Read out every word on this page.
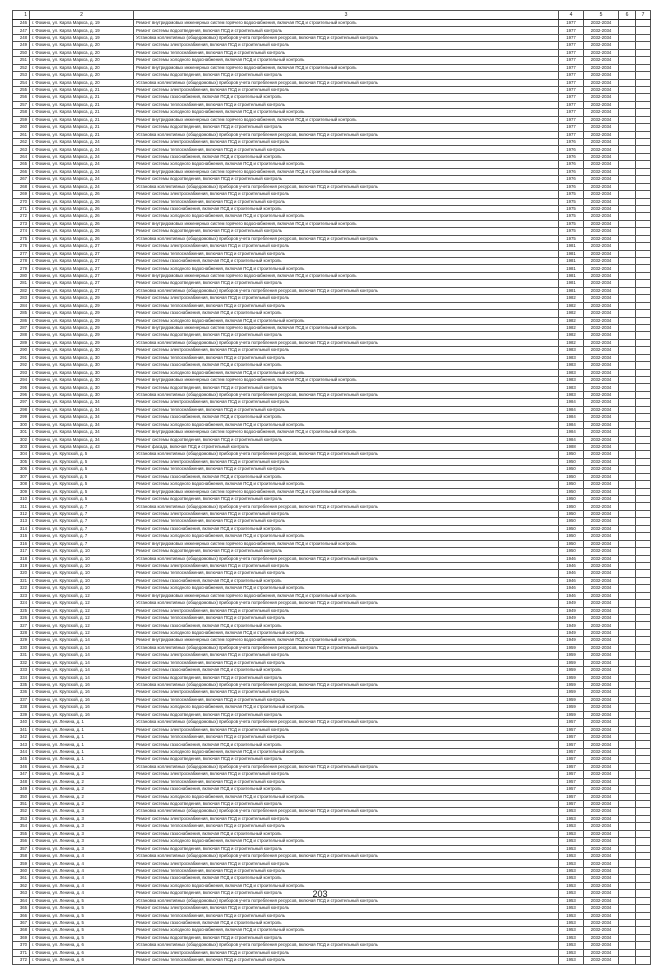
1	2	3	4	5	6	7
246	г. Фокино, ул. Карла Маркса, д. 19	Ремонт внутридомовых инженерных систем горячего водоснабжения, включая ПСД и строительный контроль	1977	2032-2034		
247	г. Фокино, ул. Карла Маркса, д. 19	Ремонт системы водоотведения, включая ПСД и строительный контроль	1977	2032-2034		
248	г. Фокино, ул. Карла Маркса, д. 19	Установка коллективных (общедомовых) приборов учета потребления ресурсов, включая ПСД и строительный контроль	1977	2032-2034		
249	г. Фокино, ул. Карла Маркса, д. 20	Ремонт системы электроснабжения, включая ПСД и строительный контроль	1977	2032-2034		
250	г. Фокино, ул. Карла Маркса, д. 20	Ремонт системы теплоснабжения, включая ПСД и строительный контроль	1977	2032-2034		
251	г. Фокино, ул. Карла Маркса, д. 20	Ремонт системы холодного водоснабжения, включая ПСД и строительный контроль	1977	2032-2034		
252	г. Фокино, ул. Карла Маркса, д. 20	Ремонт внутридомовых инженерных систем горячего водоснабжения, включая ПСД и строительный контроль	1977	2032-2034		
253	г. Фокино, ул. Карла Маркса, д. 20	Ремонт системы водоотведения, включая ПСД и строительный контроль	1977	2032-2034		
254	г. Фокино, ул. Карла Маркса, д. 20	Установка коллективных (общедомовых) приборов учета потребления ресурсов, включая ПСД и строительный контроль	1977	2032-2034		
255	г. Фокино, ул. Карла Маркса, д. 21	Ремонт системы электроснабжения, включая ПСД и строительный контроль	1977	2032-2034		
256	г. Фокино, ул. Карла Маркса, д. 21	Ремонт системы газоснабжения, включая ПСД и строительный контроль	1977	2032-2034		
257	г. Фокино, ул. Карла Маркса, д. 21	Ремонт системы теплоснабжения, включая ПСД и строительный контроль	1977	2032-2034		
258	г. Фокино, ул. Карла Маркса, д. 21	Ремонт системы холодного водоснабжения, включая ПСД и строительный контроль	1977	2032-2034		
259	г. Фокино, ул. Карла Маркса, д. 21	Ремонт внутридомовых инженерных систем горячего водоснабжения, включая ПСД и строительный контроль	1977	2032-2034		
260	г. Фокино, ул. Карла Маркса, д. 21	Ремонт системы водоотведения, включая ПСД и строительный контроль	1977	2032-2034		
261	г. Фокино, ул. Карла Маркса, д. 21	Установка коллективных (общедомовых) приборов учета потребления ресурсов, включая ПСД и строительный контроль	1977	2032-2034		
262	г. Фокино, ул. Карла Маркса, д. 24	Ремонт системы электроснабжения, включая ПСД и строительный контроль	1976	2032-2034		
263	г. Фокино, ул. Карла Маркса, д. 24	Ремонт системы теплоснабжения, включая ПСД и строительный контроль	1976	2032-2034		
264	г. Фокино, ул. Карла Маркса, д. 24	Ремонт системы газоснабжения, включая ПСД и строительный контроль	1976	2032-2034		
265	г. Фокино, ул. Карла Маркса, д. 24	Ремонт системы холодного водоснабжения, включая ПСД и строительный контроль	1976	2032-2034		
266	г. Фокино, ул. Карла Маркса, д. 24	Ремонт внутридомовых инженерных систем горячего водоснабжения, включая ПСД и строительный контроль	1976	2032-2034		
267	г. Фокино, ул. Карла Маркса, д. 24	Ремонт системы водоотведения, включая ПСД и строительный контроль	1976	2032-2034		
268	г. Фокино, ул. Карла Маркса, д. 24	Установка коллективных (общедомовых) приборов учета потребления ресурсов, включая ПСД и строительный контроль	1976	2032-2034		
269	г. Фокино, ул. Карла Маркса, д. 26	Ремонт системы электроснабжения, включая ПСД и строительный контроль	1975	2032-2034		
270	г. Фокино, ул. Карла Маркса, д. 26	Ремонт системы теплоснабжения, включая ПСД и строительный контроль	1975	2032-2034		
271	г. Фокино, ул. Карла Маркса, д. 26	Ремонт системы газоснабжения, включая ПСД и строительный контроль	1975	2032-2034		
272	г. Фокино, ул. Карла Маркса, д. 26	Ремонт системы холодного водоснабжения, включая ПСД и строительный контроль	1975	2032-2034		
273	г. Фокино, ул. Карла Маркса, д. 26	Ремонт внутридомовых инженерных систем горячего водоснабжения, включая ПСД и строительный контроль	1975	2032-2034		
274	г. Фокино, ул. Карла Маркса, д. 26	Ремонт системы водоотведения, включая ПСД и строительный контроль	1975	2032-2034		
275	г. Фокино, ул. Карла Маркса, д. 26	Установка коллективных (общедомовых) приборов учета потребления ресурсов, включая ПСД и строительный контроль	1975	2032-2034		
276	г. Фокино, ул. Карла Маркса, д. 27	Ремонт системы электроснабжения, включая ПСД и строительный контроль	1981	2032-2034		
277	г. Фокино, ул. Карла Маркса, д. 27	Ремонт системы теплоснабжения, включая ПСД и строительный контроль	1981	2032-2034		
278	г. Фокино, ул. Карла Маркса, д. 27	Ремонт системы газоснабжения, включая ПСД и строительный контроль	1981	2032-2034		
279	г. Фокино, ул. Карла Маркса, д. 27	Ремонт системы холодного водоснабжения, включая ПСД и строительный контроль	1981	2032-2034		
280	г. Фокино, ул. Карла Маркса, д. 27	Ремонт внутридомовых инженерных систем горячего водоснабжения, включая ПСД и строительный контроль	1981	2032-2034		
281	г. Фокино, ул. Карла Маркса, д. 27	Ремонт системы водоотведения, включая ПСД и строительный контроль	1981	2032-2034		
282	г. Фокино, ул. Карла Маркса, д. 27	Установка коллективных (общедомовых) приборов учета потребления ресурсов, включая ПСД и строительный контроль	1981	2032-2034		
283	г. Фокино, ул. Карла Маркса, д. 29	Ремонт системы электроснабжения, включая ПСД и строительный контроль	1982	2032-2034		
284	г. Фокино, ул. Карла Маркса, д. 29	Ремонт системы теплоснабжения, включая ПСД и строительный контроль	1982	2032-2034		
285	г. Фокино, ул. Карла Маркса, д. 29	Ремонт системы газоснабжения, включая ПСД и строительный контроль	1982	2032-2034		
286	г. Фокино, ул. Карла Маркса, д. 29	Ремонт системы холодного водоснабжения, включая ПСД и строительный контроль	1982	2032-2034		
287	г. Фокино, ул. Карла Маркса, д. 29	Ремонт внутридомовых инженерных систем горячего водоснабжения, включая ПСД и строительный контроль	1982	2032-2034		
288	г. Фокино, ул. Карла Маркса, д. 29	Ремонт системы водоотведения, включая ПСД и строительный контроль	1982	2032-2034		
289	г. Фокино, ул. Карла Маркса, д. 29	Установка коллективных (общедомовых) приборов учета потребления ресурсов, включая ПСД и строительный контроль	1982	2032-2034		
290	г. Фокино, ул. Карла Маркса, д. 30	Ремонт системы электроснабжения, включая ПСД и строительный контроль	1983	2032-2034		
291	г. Фокино, ул. Карла Маркса, д. 30	Ремонт системы теплоснабжения, включая ПСД и строительный контроль	1983	2032-2034		
292	г. Фокино, ул. Карла Маркса, д. 30	Ремонт системы газоснабжения, включая ПСД и строительный контроль	1983	2032-2034		
293	г. Фокино, ул. Карла Маркса, д. 30	Ремонт системы холодного водоснабжения, включая ПСД и строительный контроль	1983	2032-2034		
294	г. Фокино, ул. Карла Маркса, д. 30	Ремонт внутридомовых инженерных систем горячего водоснабжения, включая ПСД и строительный контроль	1983	2032-2034		
295	г. Фокино, ул. Карла Маркса, д. 30	Ремонт системы водоотведения, включая ПСД и строительный контроль	1983	2032-2034		
296	г. Фокино, ул. Карла Маркса, д. 30	Установка коллективных (общедомовых) приборов учета потребления ресурсов, включая ПСД и строительный контроль	1983	2032-2034		
297	г. Фокино, ул. Карла Маркса, д. 34	Ремонт системы электроснабжения, включая ПСД и строительный контроль	1984	2032-2034		
298	г. Фокино, ул. Карла Маркса, д. 34	Ремонт системы теплоснабжения, включая ПСД и строительный контроль	1984	2032-2034		
299	г. Фокино, ул. Карла Маркса, д. 34	Ремонт системы газоснабжения, включая ПСД и строительный контроль	1984	2032-2034		
300	г. Фокино, ул. Карла Маркса, д. 34	Ремонт системы холодного водоснабжения, включая ПСД и строительный контроль	1984	2032-2034		
301	г. Фокино, ул. Карла Маркса, д. 34	Ремонт внутридомовых инженерных систем горячего водоснабжения, включая ПСД и строительный контроль	1984	2032-2034		
302	г. Фокино, ул. Карла Маркса, д. 34	Ремонт системы водоотведения, включая ПСД и строительный контроль	1984	2032-2034		
303	г. Фокино, ул. Карла Маркса, д. 43	Ремонт фасада, включая ПСД и строительный контроль	1988	2032-2034		
304	г. Фокино, ул. Крупской, д. 5	Установка коллективных (общедомовых) приборов учета потребления ресурсов, включая ПСД и строительный контроль	1950	2032-2034		
305	г. Фокино, ул. Крупской, д. 5	Ремонт системы электроснабжения, включая ПСД и строительный контроль	1950	2032-2034		
306	г. Фокино, ул. Крупской, д. 5	Ремонт системы теплоснабжения, включая ПСД и строительный контроль	1950	2032-2034		
307	г. Фокино, ул. Крупской, д. 5	Ремонт системы газоснабжения, включая ПСД и строительный контроль	1950	2032-2034		
308	г. Фокино, ул. Крупской, д. 5	Ремонт системы холодного водоснабжения, включая ПСД и строительный контроль	1950	2032-2034		
309	г. Фокино, ул. Крупской, д. 5	Ремонт внутридомовых инженерных систем горячего водоснабжения, включая ПСД и строительный контроль	1950	2032-2034		
310	г. Фокино, ул. Крупской, д. 5	Ремонт системы водоотведения, включая ПСД и строительный контроль	1950	2032-2034		
311	г. Фокино, ул. Крупской, д. 7	Установка коллективных (общедомовых) приборов учета потребления ресурсов, включая ПСД и строительный контроль	1950	2032-2034		
312	г. Фокино, ул. Крупской, д. 7	Ремонт системы электроснабжения, включая ПСД и строительный контроль	1950	2032-2034		
313	г. Фокино, ул. Крупской, д. 7	Ремонт системы теплоснабжения, включая ПСД и строительный контроль	1950	2032-2034		
314	г. Фокино, ул. Крупской, д. 7	Ремонт системы газоснабжения, включая ПСД и строительный контроль	1950	2032-2034		
315	г. Фокино, ул. Крупской, д. 7	Ремонт системы холодного водоснабжения, включая ПСД и строительный контроль	1950	2032-2034		
316	г. Фокино, ул. Крупской, д. 7	Ремонт внутридомовых инженерных систем горячего водоснабжения, включая ПСД и строительный контроль	1950	2032-2034		
317	г. Фокино, ул. Крупской, д. 10	Ремонт системы водоотведения, включая ПСД и строительный контроль	1950	2032-2034		
318	г. Фокино, ул. Крупской, д. 10	Установка коллективных (общедомовых) приборов учета потребления ресурсов, включая ПСД и строительный контроль	1946	2032-2034		
319	г. Фокино, ул. Крупской, д. 10	Ремонт системы электроснабжения, включая ПСД и строительный контроль	1946	2032-2034		
320	г. Фокино, ул. Крупской, д. 10	Ремонт системы теплоснабжения, включая ПСД и строительный контроль	1946	2032-2034		
321	г. Фокино, ул. Крупской, д. 10	Ремонт системы газоснабжения, включая ПСД и строительный контроль	1946	2032-2034		
322	г. Фокино, ул. Крупской, д. 10	Ремонт системы холодного водоснабжения, включая ПСД и строительный контроль	1946	2032-2034		
323	г. Фокино, ул. Крупской, д. 12	Ремонт внутридомовых инженерных систем горячего водоснабжения, включая ПСД и строительный контроль	1946	2032-2034		
324	г. Фокино, ул. Крупской, д. 12	Установка коллективных (общедомовых) приборов учета потребления ресурсов, включая ПСД и строительный контроль	1949	2032-2034		
325	г. Фокино, ул. Крупской, д. 12	Ремонт системы электроснабжения, включая ПСД и строительный контроль	1949	2032-2034		
326	г. Фокино, ул. Крупской, д. 12	Ремонт системы теплоснабжения, включая ПСД и строительный контроль	1949	2032-2034		
327	г. Фокино, ул. Крупской, д. 12	Ремонт системы газоснабжения, включая ПСД и строительный контроль	1949	2032-2034		
328	г. Фокино, ул. Крупской, д. 12	Ремонт системы холодного водоснабжения, включая ПСД и строительный контроль	1949	2032-2034		
329	г. Фокино, ул. Крупской, д. 14	Ремонт внутридомовых инженерных систем горячего водоснабжения, включая ПСД и строительный контроль	1949	2032-2034		
330	г. Фокино, ул. Крупской, д. 14	Установка коллективных (общедомовых) приборов учета потребления ресурсов, включая ПСД и строительный контроль	1959	2032-2034		
331	г. Фокино, ул. Крупской, д. 14	Ремонт системы электроснабжения, включая ПСД и строительный контроль	1959	2032-2034		
332	г. Фокино, ул. Крупской, д. 14	Ремонт системы теплоснабжения, включая ПСД и строительный контроль	1959	2032-2034		
333	г. Фокино, ул. Крупской, д. 14	Ремонт системы газоснабжения, включая ПСД и строительный контроль	1959	2032-2034		
334	г. Фокино, ул. Крупской, д. 14	Ремонт системы водоотведения, включая ПСД и строительный контроль	1959	2032-2034		
335	г. Фокино, ул. Крупской, д. 16	Установка коллективных (общедомовых) приборов учета потребления ресурсов, включая ПСД и строительный контроль	1959	2032-2034		
336	г. Фокино, ул. Крупской, д. 16	Ремонт системы электроснабжения, включая ПСД и строительный контроль	1959	2032-2034		
337	г. Фокино, ул. Крупской, д. 16	Ремонт системы теплоснабжения, включая ПСД и строительный контроль	1959	2032-2034		
338	г. Фокино, ул. Крупской, д. 16	Ремонт системы холодного водоснабжения, включая ПСД и строительный контроль	1959	2032-2034		
339	г. Фокино, ул. Крупской, д. 16	Ремонт системы водоотведения, включая ПСД и строительный контроль	1959	2032-2034		
340	г. Фокино, ул. Ленина, д. 1	Установка коллективных (общедомовых) приборов учета потребления ресурсов, включая ПСД и строительный контроль	1957	2032-2034		
341	г. Фокино, ул. Ленина, д. 1	Ремонт системы электроснабжения, включая ПСД и строительный контроль	1957	2032-2034		
342	г. Фокино, ул. Ленина, д. 1	Ремонт системы теплоснабжения, включая ПСД и строительный контроль	1957	2032-2034		
343	г. Фокино, ул. Ленина, д. 1	Ремонт системы газоснабжения, включая ПСД и строительный контроль	1957	2032-2034		
344	г. Фокино, ул. Ленина, д. 1	Ремонт системы холодного водоснабжения, включая ПСД и строительный контроль	1957	2032-2034		
345	г. Фокино, ул. Ленина, д. 1	Ремонт системы водоотведения, включая ПСД и строительный контроль	1957	2032-2034		
346	г. Фокино, ул. Ленина, д. 2	Установка коллективных (общедомовых) приборов учета потребления ресурсов, включая ПСД и строительный контроль	1957	2032-2034		
347	г. Фокино, ул. Ленина, д. 2	Ремонт системы электроснабжения, включая ПСД и строительный контроль	1957	2032-2034		
348	г. Фокино, ул. Ленина, д. 2	Ремонт системы теплоснабжения, включая ПСД и строительный контроль	1957	2032-2034		
349	г. Фокино, ул. Ленина, д. 2	Ремонт системы газоснабжения, включая ПСД и строительный контроль	1957	2032-2034		
350	г. Фокино, ул. Ленина, д. 2	Ремонт системы холодного водоснабжения, включая ПСД и строительный контроль	1957	2032-2034		
351	г. Фокино, ул. Ленина, д. 2	Ремонт системы водоотведения, включая ПСД и строительный контроль	1957	2032-2034		
352	г. Фокино, ул. Ленина, д. 3	Установка коллективных (общедомовых) приборов учета потребления ресурсов, включая ПСД и строительный контроль	1953	2032-2034		
353	г. Фокино, ул. Ленина, д. 3	Ремонт системы электроснабжения, включая ПСД и строительный контроль	1953	2032-2034		
354	г. Фокино, ул. Ленина, д. 3	Ремонт системы теплоснабжения, включая ПСД и строительный контроль	1953	2032-2034		
355	г. Фокино, ул. Ленина, д. 3	Ремонт системы газоснабжения, включая ПСД и строительный контроль	1953	2032-2034		
356	г. Фокино, ул. Ленина, д. 3	Ремонт системы холодного водоснабжения, включая ПСД и строительный контроль	1953	2032-2034		
357	г. Фокино, ул. Ленина, д. 3	Ремонт системы водоотведения, включая ПСД и строительный контроль	1953	2032-2034		
358	г. Фокино, ул. Ленина, д. 4	Установка коллективных (общедомовых) приборов учета потребления ресурсов, включая ПСД и строительный контроль	1953	2032-2034		
359	г. Фокино, ул. Ленина, д. 4	Ремонт системы электроснабжения, включая ПСД и строительный контроль	1953	2032-2034		
360	г. Фокино, ул. Ленина, д. 4	Ремонт системы теплоснабжения, включая ПСД и строительный контроль	1953	2032-2034		
361	г. Фокино, ул. Ленина, д. 4	Ремонт системы газоснабжения, включая ПСД и строительный контроль	1953	2032-2034		
362	г. Фокино, ул. Ленина, д. 4	Ремонт системы холодного водоснабжения, включая ПСД и строительный контроль	1953	2032-2034		
363	г. Фокино, ул. Ленина, д. 4	Ремонт системы водоотведения, включая ПСД и строительный контроль	1953	2032-2034		
364	г. Фокино, ул. Ленина, д. 5	Установка коллективных (общедомовых) приборов учета потребления ресурсов, включая ПСД и строительный контроль	1953	2032-2034		
365	г. Фокино, ул. Ленина, д. 5	Ремонт системы электроснабжения, включая ПСД и строительный контроль	1953	2032-2034		
366	г. Фокино, ул. Ленина, д. 5	Ремонт системы теплоснабжения, включая ПСД и строительный контроль	1953	2032-2034		
367	г. Фокино, ул. Ленина, д. 5	Ремонт системы газоснабжения, включая ПСД и строительный контроль	1953	2032-2034		
368	г. Фокино, ул. Ленина, д. 5	Ремонт системы холодного водоснабжения, включая ПСД и строительный контроль	1953	2032-2034		
369	г. Фокино, ул. Ленина, д. 5	Ремонт системы водоотведения, включая ПСД и строительный контроль	1953	2032-2034		
370	г. Фокино, ул. Ленина, д. 6	Установка коллективных (общедомовых) приборов учета потребления ресурсов, включая ПСД и строительный контроль	1953	2032-2034		
371	г. Фокино, ул. Ленина, д. 6	Ремонт системы электроснабжения, включая ПСД и строительный контроль	1953	2032-2034		
372	г. Фокино, ул. Ленина, д. 6	Ремонт системы теплоснабжения, включая ПСД и строительный контроль	1953	2032-2034		
203
